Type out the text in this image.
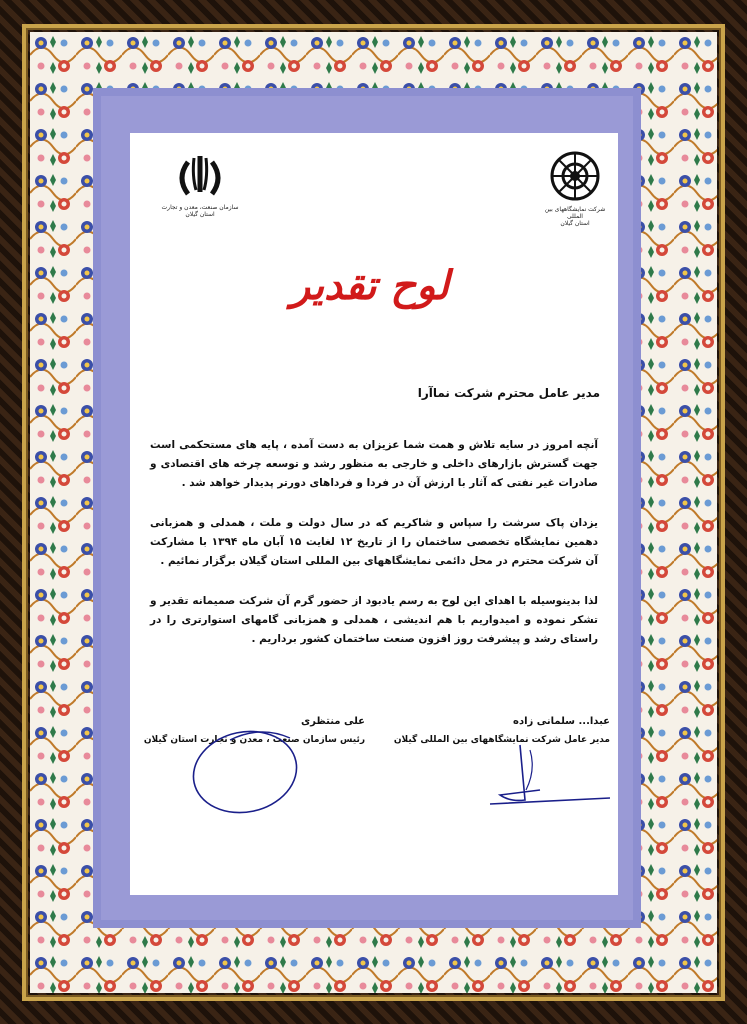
سازمان صنعت، معدن و تجارت
استان گیلان
شرکت نمایشگاههای بین المللی
استان گیلان
لوح تقدیر
مدیر عامل محترم شرکت نماآرا
آنچه امروز در سایه تلاش و همت شما عزیزان به دست آمده ، پایه های مستحکمی است جهت گسترش بازارهای داخلی و خارجی به منظور رشد و توسعه چرخه های اقتصادی و صادرات غیر نفتی که آثار با ارزش آن در فردا و فرداهای دورتر پدیدار خواهد شد .
یزدان پاک سرشت را سپاس و شاکریم که در سال دولت و ملت ، همدلی و همزبانی دهمین نمایشگاه تخصصی ساختمان را از تاریخ ۱۲ لغایت ۱۵ آبان ماه ۱۳۹۴ با مشارکت آن شرکت محترم در محل دائمی نمایشگاههای بین المللی استان گیلان برگزار نمائیم .
لذا بدینوسیله با اهدای این لوح به رسم یادبود از حضور گرم آن شرکت صمیمانه تقدیر و تشکر نموده و امیدواریم با هم اندیشی ، همدلی و همزبانی گامهای استوارتری را در راستای رشد و پیشرفت روز افزون صنعت ساختمان کشور برداریم .
عبدا... سلمانی زاده
مدیر عامل شرکت نمایشگاههای بین المللی گیلان
علی منتظری
رئیس سازمان صنعت ، معدن و تجارت استان گیلان
